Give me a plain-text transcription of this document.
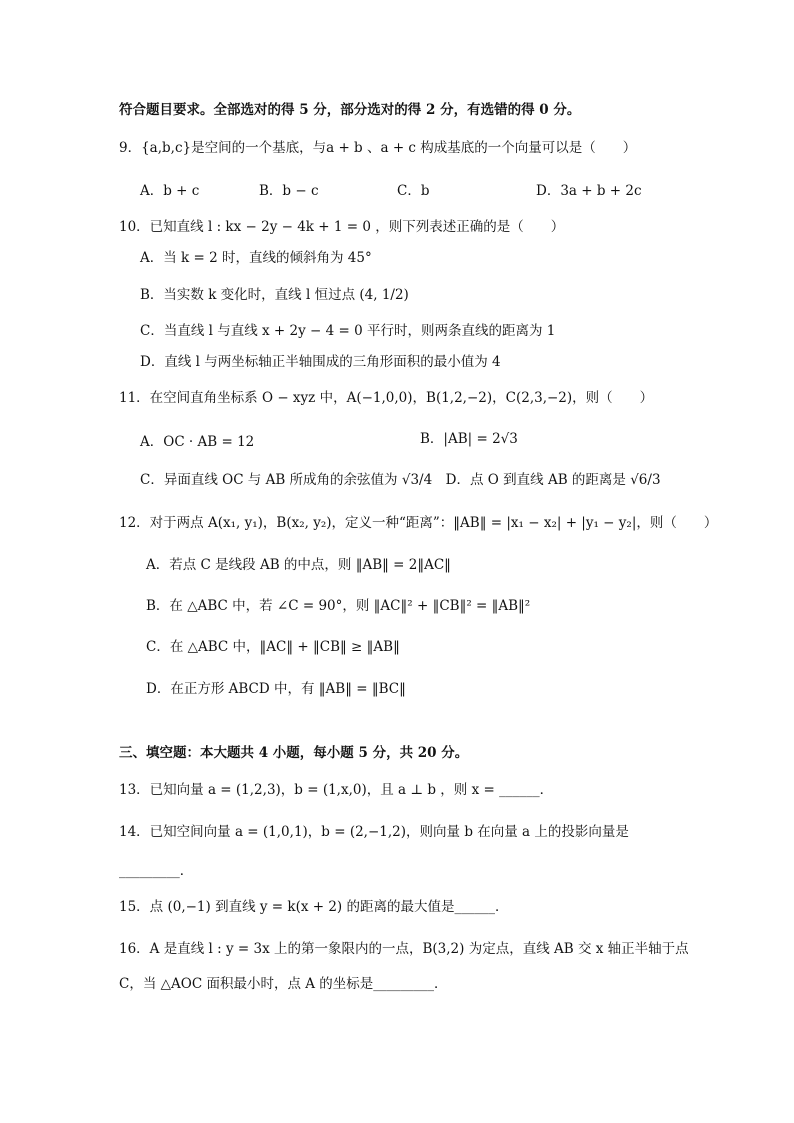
符合题目要求。全部选对的得 5 分，部分选对的得 2 分，有选错的得 0 分。
9．{a,b,c}是空间的一个基底，与a + b 、a + c 构成基底的一个向量可以是（　　）
A．b + c	B．b − c	C．b	D．3a + b + 2c
10．已知直线 l : kx − 2y − 4k + 1 = 0 ，则下列表述正确的是（　　）
A．当 k = 2 时，直线的倾斜角为 45°
B．当实数 k 变化时，直线 l 恒过点 (4, 1/2)
C．当直线 l 与直线 x + 2y − 4 = 0 平行时，则两条直线的距离为 1
D．直线 l 与两坐标轴正半轴围成的三角形面积的最小值为 4
11．在空间直角坐标系 O − xyz 中，A(−1,0,0)，B(1,2,−2)，C(2,3,−2)，则（　　）
A．OC · AB = 12	B．|AB| = 2√3
C．异面直线 OC 与 AB 所成角的余弦值为 √3/4　D．点 O 到直线 AB 的距离是 √6/3
12．对于两点 A(x₁, y₁)，B(x₂, y₂)，定义一种“距离”：‖AB‖ = |x₁ − x₂| + |y₁ − y₂|，则（　　）
A．若点 C 是线段 AB 的中点，则 ‖AB‖ = 2‖AC‖
B．在 △ABC 中，若 ∠C = 90°，则 ‖AC‖² + ‖CB‖² = ‖AB‖²
C．在 △ABC 中，‖AC‖ + ‖CB‖ ≥ ‖AB‖
D．在正方形 ABCD 中，有 ‖AB‖ = ‖BC‖
三、填空题：本大题共 4 小题，每小题 5 分，共 20 分。
13．已知向量 a = (1,2,3)，b = (1,x,0)，且 a ⊥ b ，则 x = ______．
14．已知空间向量 a = (1,0,1)，b = (2,−1,2)，则向量 b 在向量 a 上的投影向量是
_________．
15．点 (0,−1) 到直线 y = k(x + 2) 的距离的最大值是______．
16．A 是直线 l : y = 3x 上的第一象限内的一点，B(3,2) 为定点，直线 AB 交 x 轴正半轴于点
C，当 △AOC 面积最小时，点 A 的坐标是_________．
